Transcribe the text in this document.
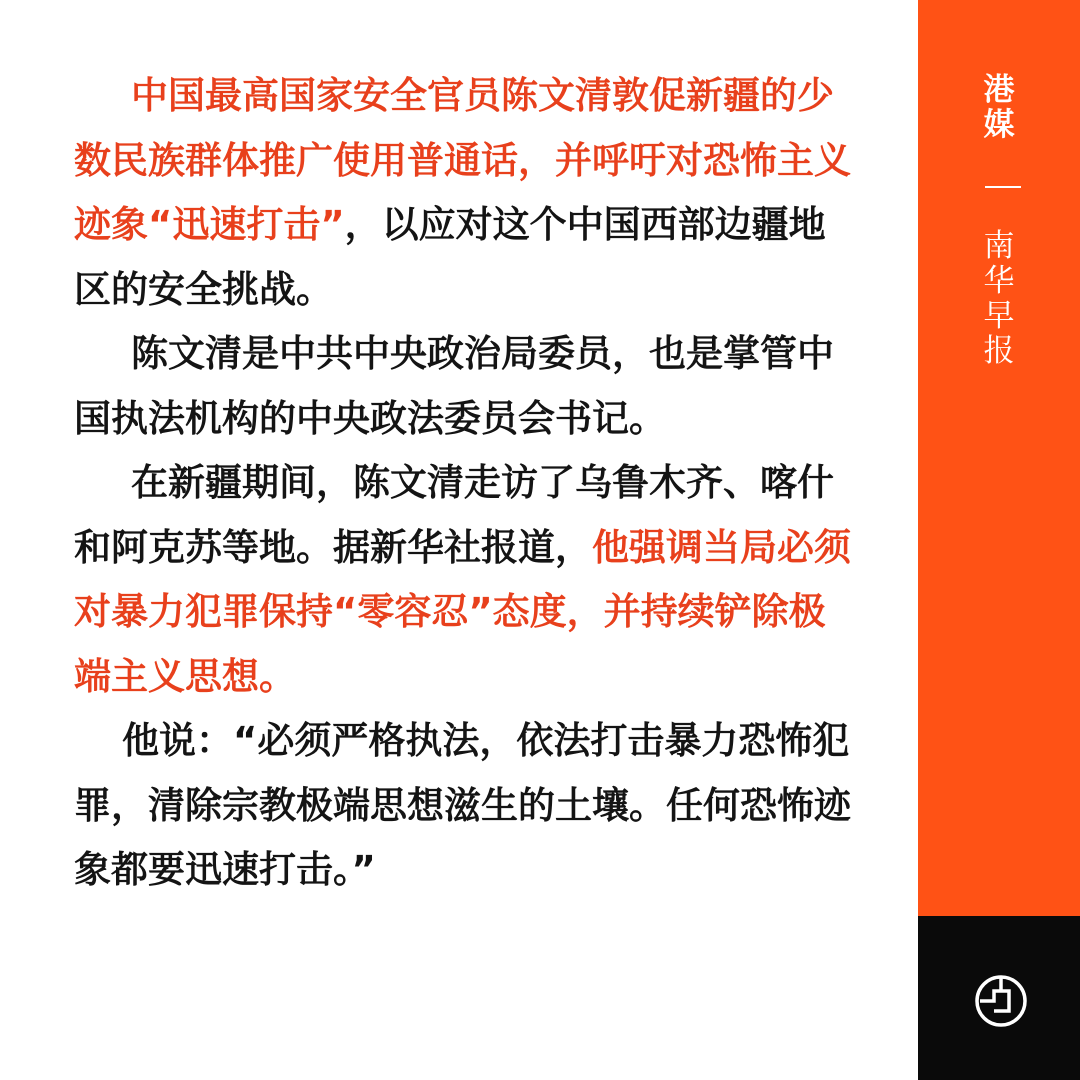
中国最高国家安全官员陈文清敦促新疆的少数民族群体推广使用普通话，并呼吁对恐怖主义迹象“迅速打击”，以应对这个中国西部边疆地区的安全挑战。

陈文清是中共中央政治局委员，也是掌管中国执法机构的中央政法委员会书记。

在新疆期间，陈文清走访了乌鲁木齐、喀什和阿克苏等地。据新华社报道，他强调当局必须对暴力犯罪保持“零容忍”态度，并持续铲除极端主义思想。

他说：“必须严格执法，依法打击暴力恐怖犯罪，清除宗教极端思想滋生的土壤。任何恐怖迹象都要迅速打击。”

港
媒
南
华
早
报
